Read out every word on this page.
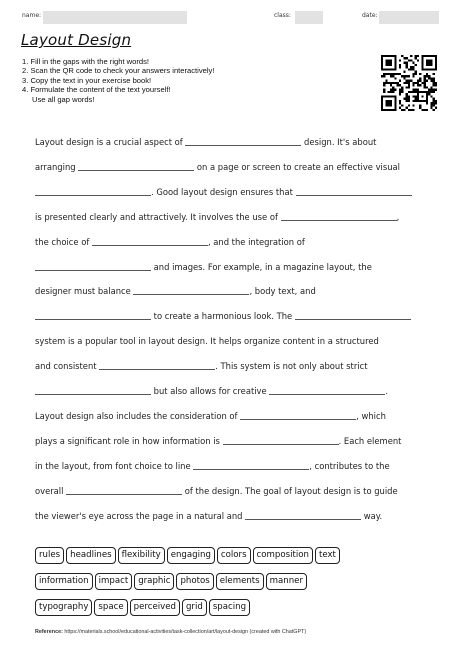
name:	class:	date:
Layout Design
1. Fill in the gaps with the right words!
2. Scan the QR code to check your answers interactively!
3. Copy the text in your exercise book!
4. Formulate the content of the text yourself!
Use all gap words!
Layout design is a crucial aspect of	design. It's about
arranging	on a page or screen to create an effective visual
. Good layout design ensures that
is presented clearly and attractively. It involves the use of	,
the choice of	, and the integration of
and images. For example, in a magazine layout, the
designer must balance	, body text, and
to create a harmonious look. The
system is a popular tool in layout design. It helps organize content in a structured
and consistent	. This system is not only about strict
but also allows for creative	.
Layout design also includes the consideration of	, which
plays a significant role in how information is	. Each element
in the layout, from font choice to line	, contributes to the
overall	of the design. The goal of layout design is to guide
the viewer's eye across the page in a natural and	way.
rules headlines flexibility engaging colors composition text
information impact graphic photos elements manner
typography space perceived grid spacing
Reference: https://materials.school/educational-activities/task-collection/art/layout-design (created with ChatGPT)
